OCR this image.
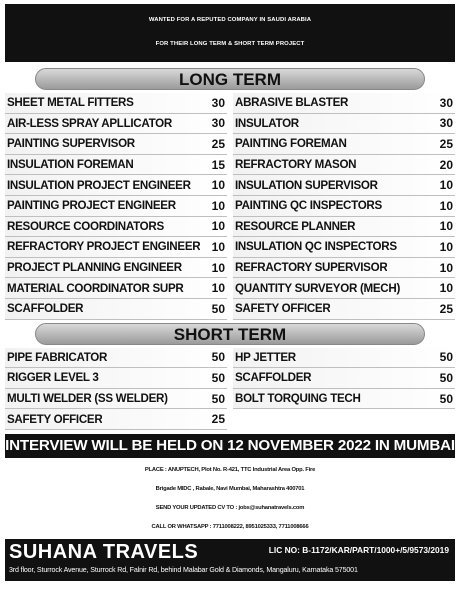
WANTED FOR A REPUTED COMPANY IN SAUDI ARABIA
FOR THEIR LONG TERM & SHORT TERM PROJECT
LONG TERM
SHEET METAL FITTERS	30
AIR-LESS SPRAY APLLICATOR	30
PAINTING SUPERVISOR	25
INSULATION FOREMAN	15
INSULATION PROJECT ENGINEER 10
PAINTING PROJECT ENGINEER	10
RESOURCE COORDINATORS	10
REFRACTORY PROJECT ENGINEER 10
PROJECT PLANNING ENGINEER 10
MATERIAL COORDINATOR SUPR 10
SCAFFOLDER	50
ABRASIVE BLASTER	30
INSULATOR	30
PAINTING FOREMAN	25
REFRACTORY MASON	20
INSULATION SUPERVISOR	10
PAINTING QC INSPECTORS	10
RESOURCE PLANNER	10
INSULATION QC INSPECTORS	10
REFRACTORY SUPERVISOR	10
QUANTITY SURVEYOR (MECH)	10
SAFETY OFFICER	25
SHORT TERM
PIPE FABRICATOR	50
RIGGER LEVEL 3	50
MULTI WELDER (SS WELDER)	50
SAFETY OFFICER	25
HP JETTER	50
SCAFFOLDER	50
BOLT TORQUING TECH	50
INTERVIEW WILL BE HELD ON 12 NOVEMBER 2022 IN MUMBAI
PLACE : ANUPTECH, Plot No. R-421, TTC Industrial Area Opp. Fire
Brigade MIDC , Rabale, Navi Mumbai, Maharashtra 400701
SEND YOUR UPDATED CV TO : jobs@suhanatravels.com
CALL OR WHATSAPP : 7711008222, 8951025333, 7711008666
SUHANA TRAVELS	LIC NO: B-1172/KAR/PART/1000+/5/9573/2019
3rd floor, Sturrock Avenue, Sturrock Rd, Falnir Rd, behind Malabar Gold & Diamonds, Mangaluru, Karnataka 575001
